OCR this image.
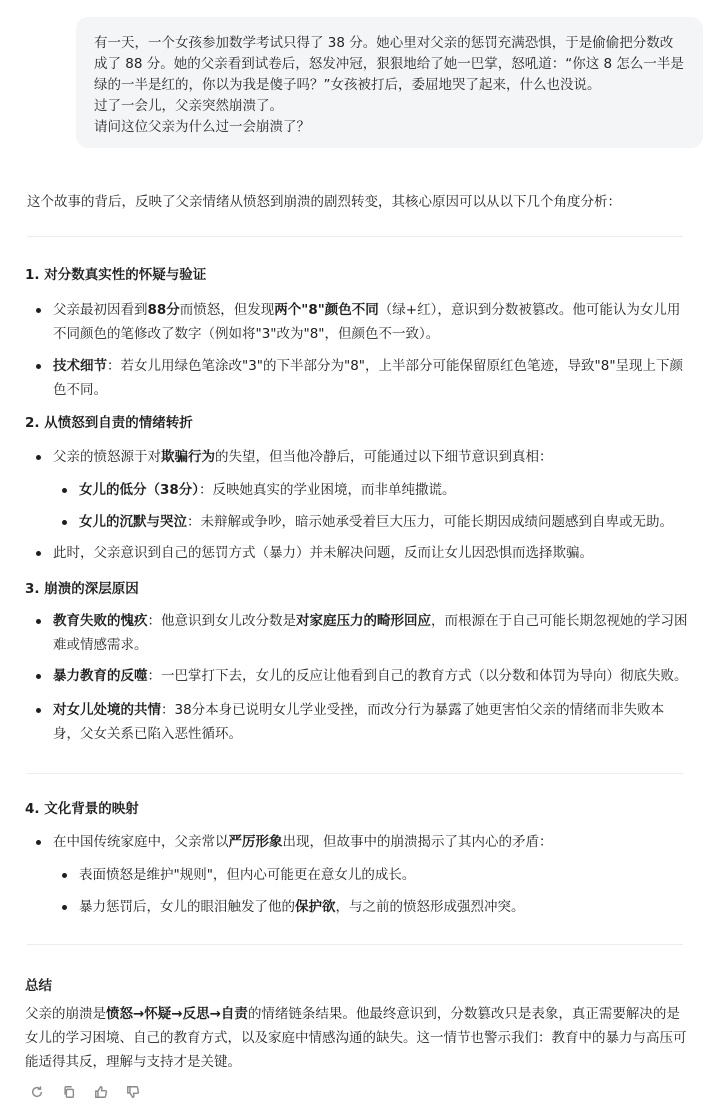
有一天，一个女孩参加数学考试只得了 38 分。她心里对父亲的惩罚充满恐惧，于是偷偷把分数改成了 88 分。她的父亲看到试卷后，怒发冲冠，狠狠地给了她一巴掌，怒吼道：“你这 8 怎么一半是绿的一半是红的，你以为我是傻子吗？”女孩被打后，委屈地哭了起来，什么也没说。

过了一会儿，父亲突然崩溃了。

请问这位父亲为什么过一会崩溃了？

这个故事的背后，反映了父亲情绪从愤怒到崩溃的剧烈转变，其核心原因可以从以下几个角度分析：
1. 对分数真实性的怀疑与验证
父亲最初因看到88分而愤怒，但发现两个"8"颜色不同（绿+红），意识到分数被篡改。他可能认为女儿用不同颜色的笔修改了数字（例如将"3"改为"8"，但颜色不一致）。
技术细节：若女儿用绿色笔涂改"3"的下半部分为"8"，上半部分可能保留原红色笔迹，导致"8"呈现上下颜色不同。
2. 从愤怒到自责的情绪转折
父亲的愤怒源于对欺骗行为的失望，但当他冷静后，可能通过以下细节意识到真相：
女儿的低分（38分）：反映她真实的学业困境，而非单纯撒谎。
女儿的沉默与哭泣：未辩解或争吵，暗示她承受着巨大压力，可能长期因成绩问题感到自卑或无助。
此时，父亲意识到自己的惩罚方式（暴力）并未解决问题，反而让女儿因恐惧而选择欺骗。
3. 崩溃的深层原因
教育失败的愧疚：他意识到女儿改分数是对家庭压力的畸形回应，而根源在于自己可能长期忽视她的学习困难或情感需求。
暴力教育的反噬：一巴掌打下去，女儿的反应让他看到自己的教育方式（以分数和体罚为导向）彻底失败。
对女儿处境的共情：38分本身已说明女儿学业受挫，而改分行为暴露了她更害怕父亲的情绪而非失败本身，父女关系已陷入恶性循环。
4. 文化背景的映射
在中国传统家庭中，父亲常以严厉形象出现，但故事中的崩溃揭示了其内心的矛盾：
表面愤怒是维护"规则"，但内心可能更在意女儿的成长。
暴力惩罚后，女儿的眼泪触发了他的保护欲，与之前的愤怒形成强烈冲突。
总结
父亲的崩溃是愤怒→怀疑→反思→自责的情绪链条结果。他最终意识到，分数篡改只是表象，真正需要解决的是女儿的学习困境、自己的教育方式，以及家庭中情感沟通的缺失。这一情节也警示我们：教育中的暴力与高压可能适得其反，理解与支持才是关键。
